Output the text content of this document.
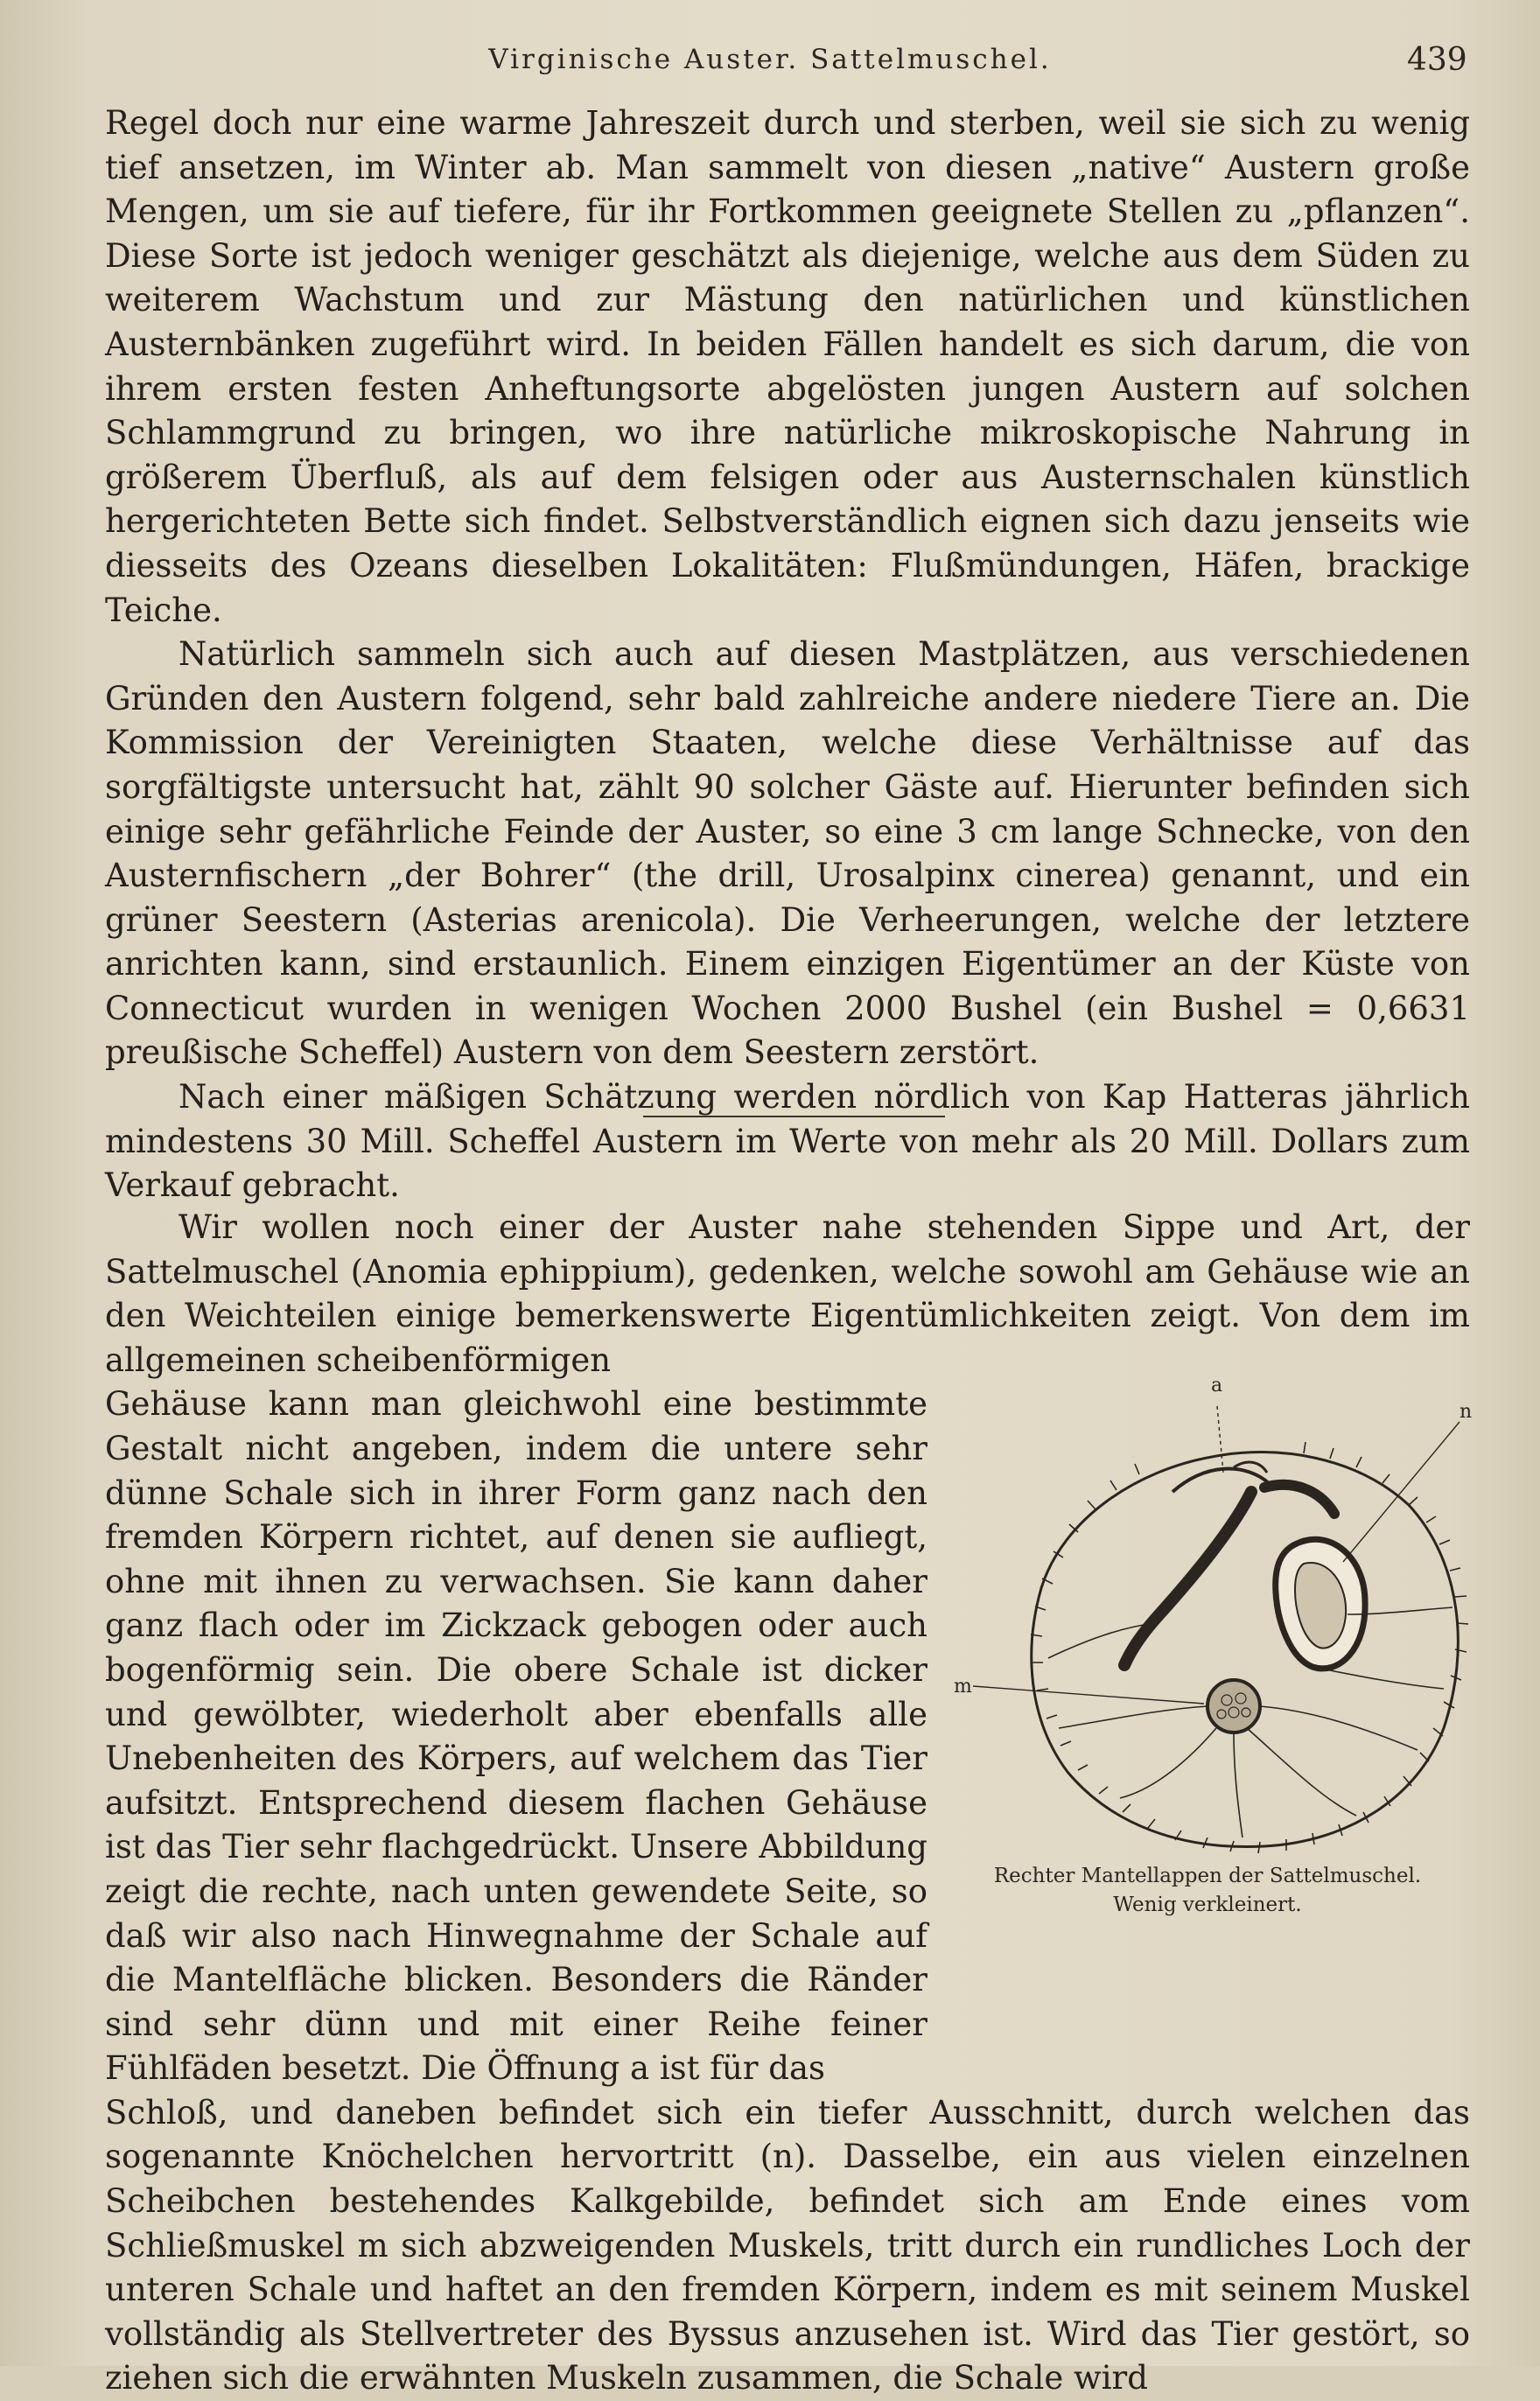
Virginische Auster. Sattelmuschel.	439

Regel doch nur eine warme Jahreszeit durch und sterben, weil sie sich zu wenig tief ansetzen, im Winter ab. Man sammelt von diesen „native“ Austern große Mengen, um sie auf tiefere, für ihr Fortkommen geeignete Stellen zu „pflanzen“. Diese Sorte ist jedoch weniger geschätzt als diejenige, welche aus dem Süden zu weiterem Wachstum und zur Mästung den natürlichen und künstlichen Austernbänken zugeführt wird. In beiden Fällen handelt es sich darum, die von ihrem ersten festen Anheftungsorte abgelösten jungen Austern auf solchen Schlammgrund zu bringen, wo ihre natürliche mikroskopische Nahrung in größerem Überfluß, als auf dem felsigen oder aus Austernschalen künstlich hergerichteten Bette sich findet. Selbstverständlich eignen sich dazu jenseits wie diesseits des Ozeans dieselben Lokalitäten: Flußmündungen, Häfen, brackige Teiche.

Natürlich sammeln sich auch auf diesen Mastplätzen, aus verschiedenen Gründen den Austern folgend, sehr bald zahlreiche andere niedere Tiere an. Die Kommission der Vereinigten Staaten, welche diese Verhältnisse auf das sorgfältigste untersucht hat, zählt 90 solcher Gäste auf. Hierunter befinden sich einige sehr gefährliche Feinde der Auster, so eine 3 cm lange Schnecke, von den Austernfischern „der Bohrer“ (the drill, Urosalpinx cinerea) genannt, und ein grüner Seestern (Asterias arenicola). Die Verheerungen, welche der letztere anrichten kann, sind erstaunlich. Einem einzigen Eigentümer an der Küste von Connecticut wurden in wenigen Wochen 2000 Bushel (ein Bushel = 0,6631 preußische Scheffel) Austern von dem Seestern zerstört.

Nach einer mäßigen Schätzung werden nördlich von Kap Hatteras jährlich mindestens 30 Mill. Scheffel Austern im Werte von mehr als 20 Mill. Dollars zum Verkauf gebracht.

Wir wollen noch einer der Auster nahe stehenden Sippe und Art, der Sattelmuschel (Anomia ephippium), gedenken, welche sowohl am Gehäuse wie an den Weichteilen einige bemerkenswerte Eigentümlichkeiten zeigt. Von dem im allgemeinen scheibenförmigen

Gehäuse kann man gleichwohl eine bestimmte Gestalt nicht angeben, indem die untere sehr dünne Schale sich in ihrer Form ganz nach den fremden Körpern richtet, auf denen sie aufliegt, ohne mit ihnen zu verwachsen. Sie kann daher ganz flach oder im Zickzack gebogen oder auch bogenförmig sein. Die obere Schale ist dicker und gewölbter, wiederholt aber ebenfalls alle Unebenheiten des Körpers, auf welchem das Tier aufsitzt. Entsprechend diesem flachen Gehäuse ist das Tier sehr flachgedrückt. Unsere Abbildung zeigt die rechte, nach unten gewendete Seite, so daß wir also nach Hinwegnahme der Schale auf die Mantelfläche blicken. Besonders die Ränder sind sehr dünn und mit einer Reihe feiner Fühlfäden besetzt. Die Öffnung a ist für das

Schloß, und daneben befindet sich ein tiefer Ausschnitt, durch welchen das sogenannte Knöchelchen hervortritt (n). Dasselbe, ein aus vielen einzelnen Scheibchen bestehendes Kalkgebilde, befindet sich am Ende eines vom Schließmuskel m sich abzweigenden Muskels, tritt durch ein rundliches Loch der unteren Schale und haftet an den fremden Körpern, indem es mit seinem Muskel vollständig als Stellvertreter des Byssus anzusehen ist. Wird das Tier gestört, so ziehen sich die erwähnten Muskeln zusammen, die Schale wird

a
n
m
Rechter Mantellappen der Sattelmuschel.
Wenig verkleinert.
